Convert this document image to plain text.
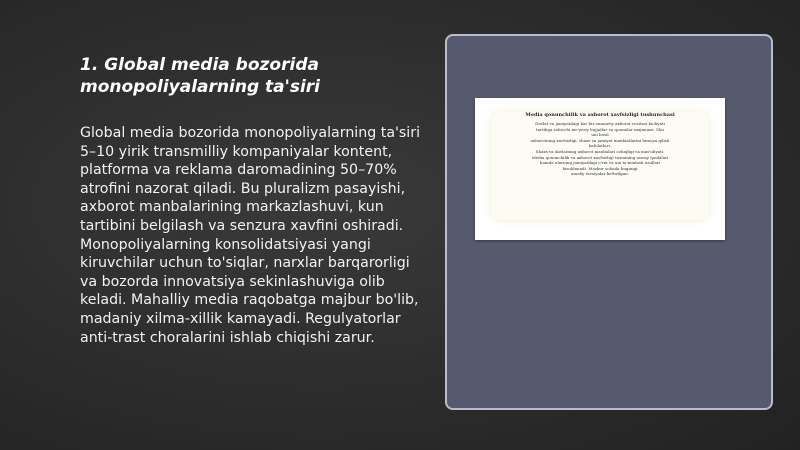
1. Global media bozorida monopoliyalarning ta'siri
Global media bozorida monopoliyalarning ta'siri 5–10 yirik transmilliy kompaniyalar kontent, platforma va reklama daromadining 50–70% atrofini nazorat qiladi. Bu pluralizm pasayishi, axborot manbalarining markazlashuvi, kun tartibini belgilash va senzura xavfini oshiradi. Monopoliyalarning konsolidatsiyasi yangi kiruvchilar uchun to'siqlar, narxlar barqarorligi va bozorda innovatsiya sekinlashuviga olib keladi. Mahalliy media raqobatga majbur bo'lib, madaniy xilma-xillik kamayadi. Regulyatorlar anti-trast choralarini ishlab chiqishi zarur.
Media qonunchilik va axborot xavfsizligi tushunchasi
Davlat va jamiyatdagi har bir ommaviy axborot vositasi faoliyati
tartibga soluvchi me'yoriy hujjatlar va qonunlar majmuasi. Shu
uni bosil
axborotning xavfsizligi, shaxs va jamiyat manfaatlarini himoya qilish
kafolatlari.
Shaxs va davlatning axborot manbalari ochiqligi va mas'uliyati.
Media qonunchilik va axborot xavfsizligi tizimining asosiy qoidalari
hamda ularning jamiyatdagi o'rni va uni ta'minlash usullari
hisoblanadi. Mazkur sohada bugungi
amaliy tavsiyalar keltirilgan.
